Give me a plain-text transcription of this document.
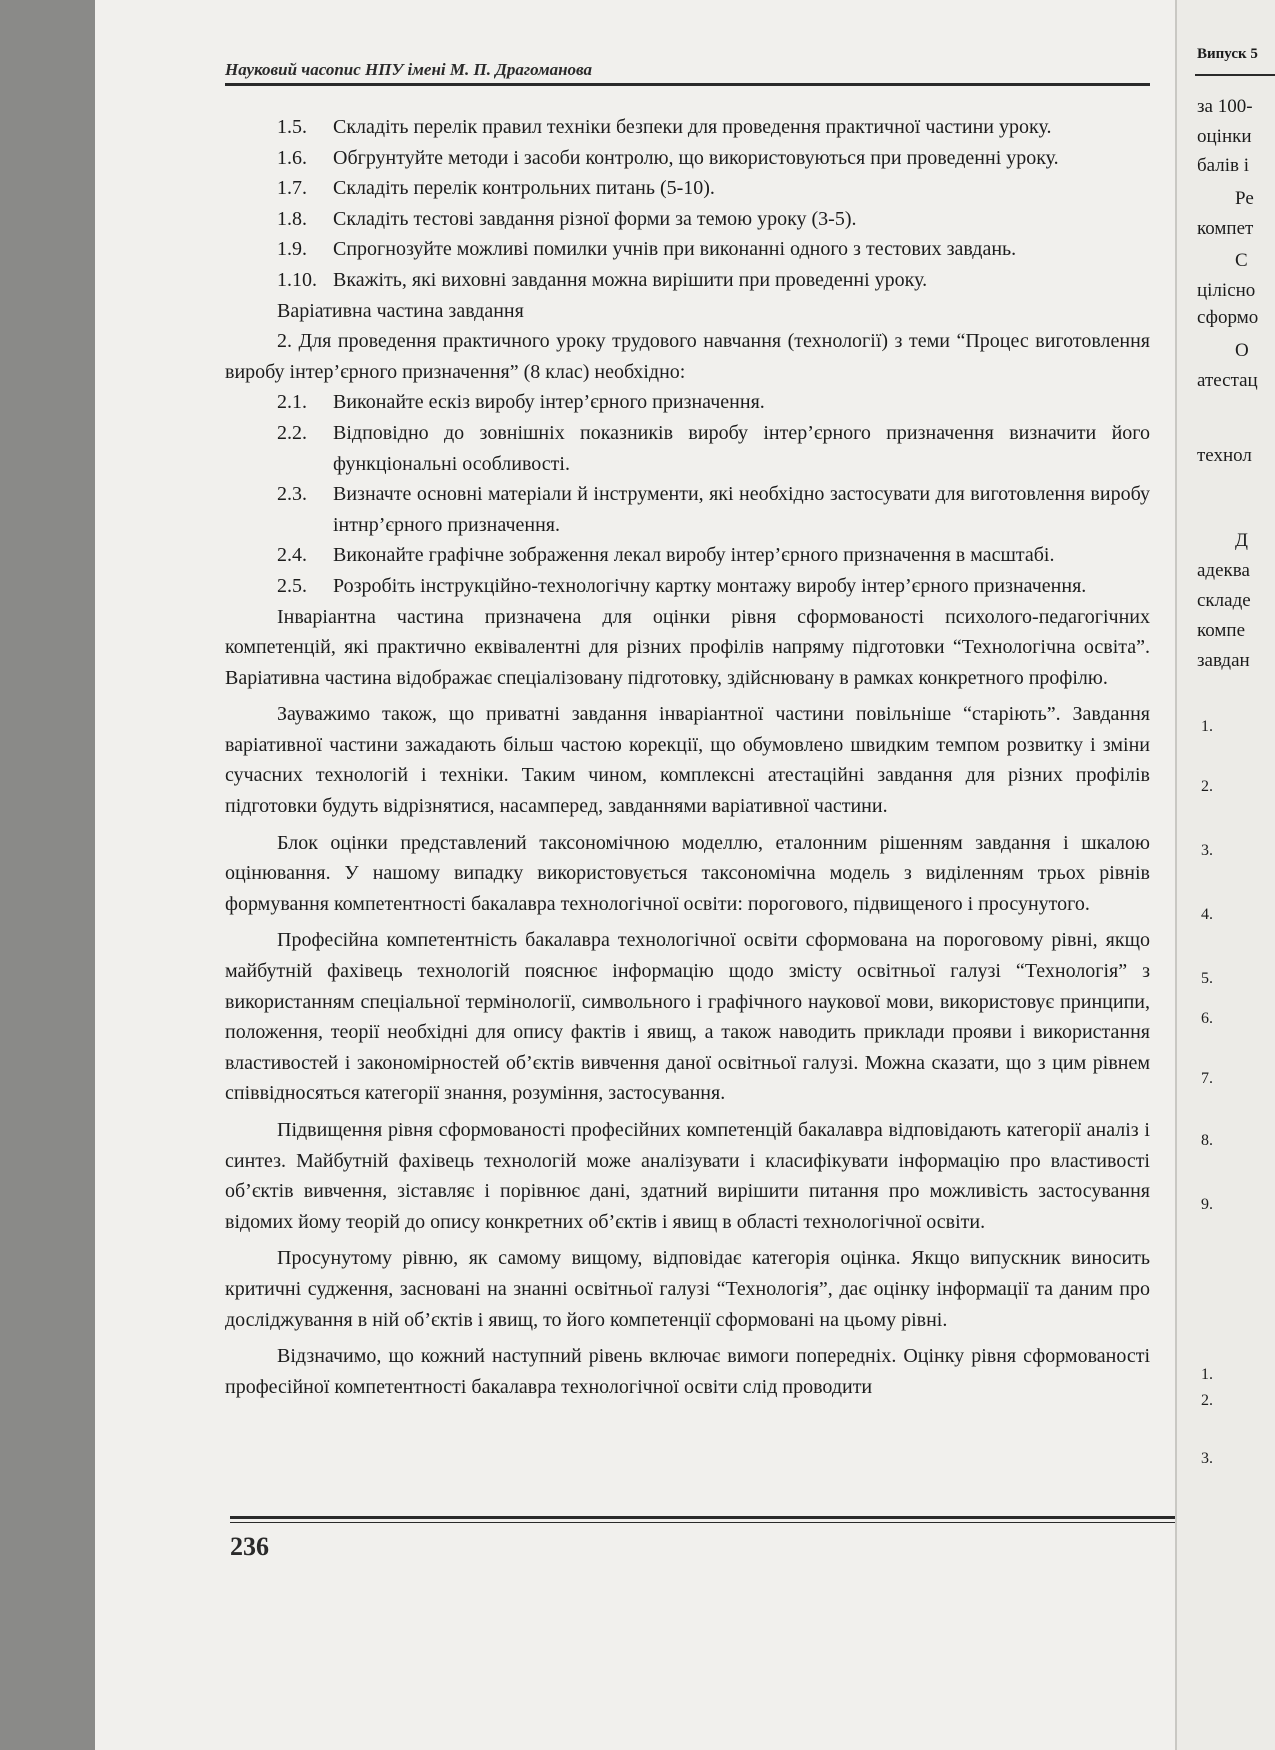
Випуск 5
за 100-
оцінки
балів і
Ре
компет
С
цілісно
сформо
О
атестац
технол
Д
адеква
складе
компе
завдан
1.
2.
3.
4.
5.
6.
7.
8.
9.
1.
2.
3.
Науковий часопис НПУ імені М. П. Драгоманова
1.5.	Складіть перелік правил техніки безпеки для проведення практичної частини уроку.
1.6.	Обгрунтуйте методи і засоби контролю, що використовуються при проведенні уроку.
1.7.	Складіть перелік контрольних питань (5-10).
1.8.	Складіть тестові завдання різної форми за темою уроку (3-5).
1.9.	Спрогнозуйте можливі помилки учнів при виконанні одного з тестових завдань.
1.10. Вкажіть, які виховні завдання можна вирішити при проведенні уроку.

Варіативна частина завдання

2. Для проведення практичного уроку трудового навчання (технології) з теми “Процес виготовлення виробу інтер’єрного призначення” (8 клас) необхідно:

2.1.	Виконайте ескіз виробу інтер’єрного призначення.
2.2.	Відповідно до зовнішніх показників виробу інтер’єрного призначення визначити його функціональні особливості.
2.3.	Визначте основні матеріали й інструменти, які необхідно застосувати для виготовлення виробу інтнр’єрного призначення.
2.4.	Виконайте графічне зображення лекал виробу інтер’єрного призначення в масштабі.
2.5.	Розробіть інструкційно-технологічну картку монтажу виробу інтер’єрного призначення.

Інваріантна частина призначена для оцінки рівня сформованості психолого-педагогічних компетенцій, які практично еквівалентні для різних профілів напряму підготовки “Технологічна освіта”. Варіативна частина відображає спеціалізовану підготовку, здійснювану в рамках конкретного профілю.

Зауважимо також, що приватні завдання інваріантної частини повільніше “старіють”. Завдання варіативної частини зажадають більш частою корекції, що обумовлено швидким темпом розвитку і зміни сучасних технологій і техніки. Таким чином, комплексні атестаційні завдання для різних профілів підготовки будуть відрізнятися, насамперед, завданнями варіативної частини.

Блок оцінки представлений таксономічною моделлю, еталонним рішенням завдання і шкалою оцінювання. У нашому випадку використовується таксономічна модель з виділенням трьох рівнів формування компетентності бакалавра технологічної освіти: порогового, підвищеного і просунутого.

Професійна компетентність бакалавра технологічної освіти сформована на пороговому рівні, якщо майбутній фахівець технологій пояснює інформацію щодо змісту освітньої галузі “Технологія” з використанням спеціальної термінології, символьного і графічного наукової мови, використовує принципи, положення, теорії необхідні для опису фактів і явищ, а також наводить приклади прояви і використання властивостей і закономірностей об’єктів вивчення даної освітньої галузі. Можна сказати, що з цим рівнем співвідносяться категорії знання, розуміння, застосування.

Підвищення рівня сформованості професійних компетенцій бакалавра відповідають категорії аналіз і синтез. Майбутній фахівець технологій може аналізувати і класифікувати інформацію про властивості об’єктів вивчення, зіставляє і порівнює дані, здатний вирішити питання про можливість застосування відомих йому теорій до опису конкретних об’єктів і явищ в області технологічної освіти.

Просунутому рівню, як самому вищому, відповідає категорія оцінка. Якщо випускник виносить критичні судження, засновані на знанні освітньої галузі “Технологія”, дає оцінку інформації та даним про досліджування в ній об’єктів і явищ, то його компетенції сформовані на цьому рівні.

Відзначимо, що кожний наступний рівень включає вимоги попередніх. Оцінку рівня сформованості професійної компетентності бакалавра технологічної освіти слід проводити

236
